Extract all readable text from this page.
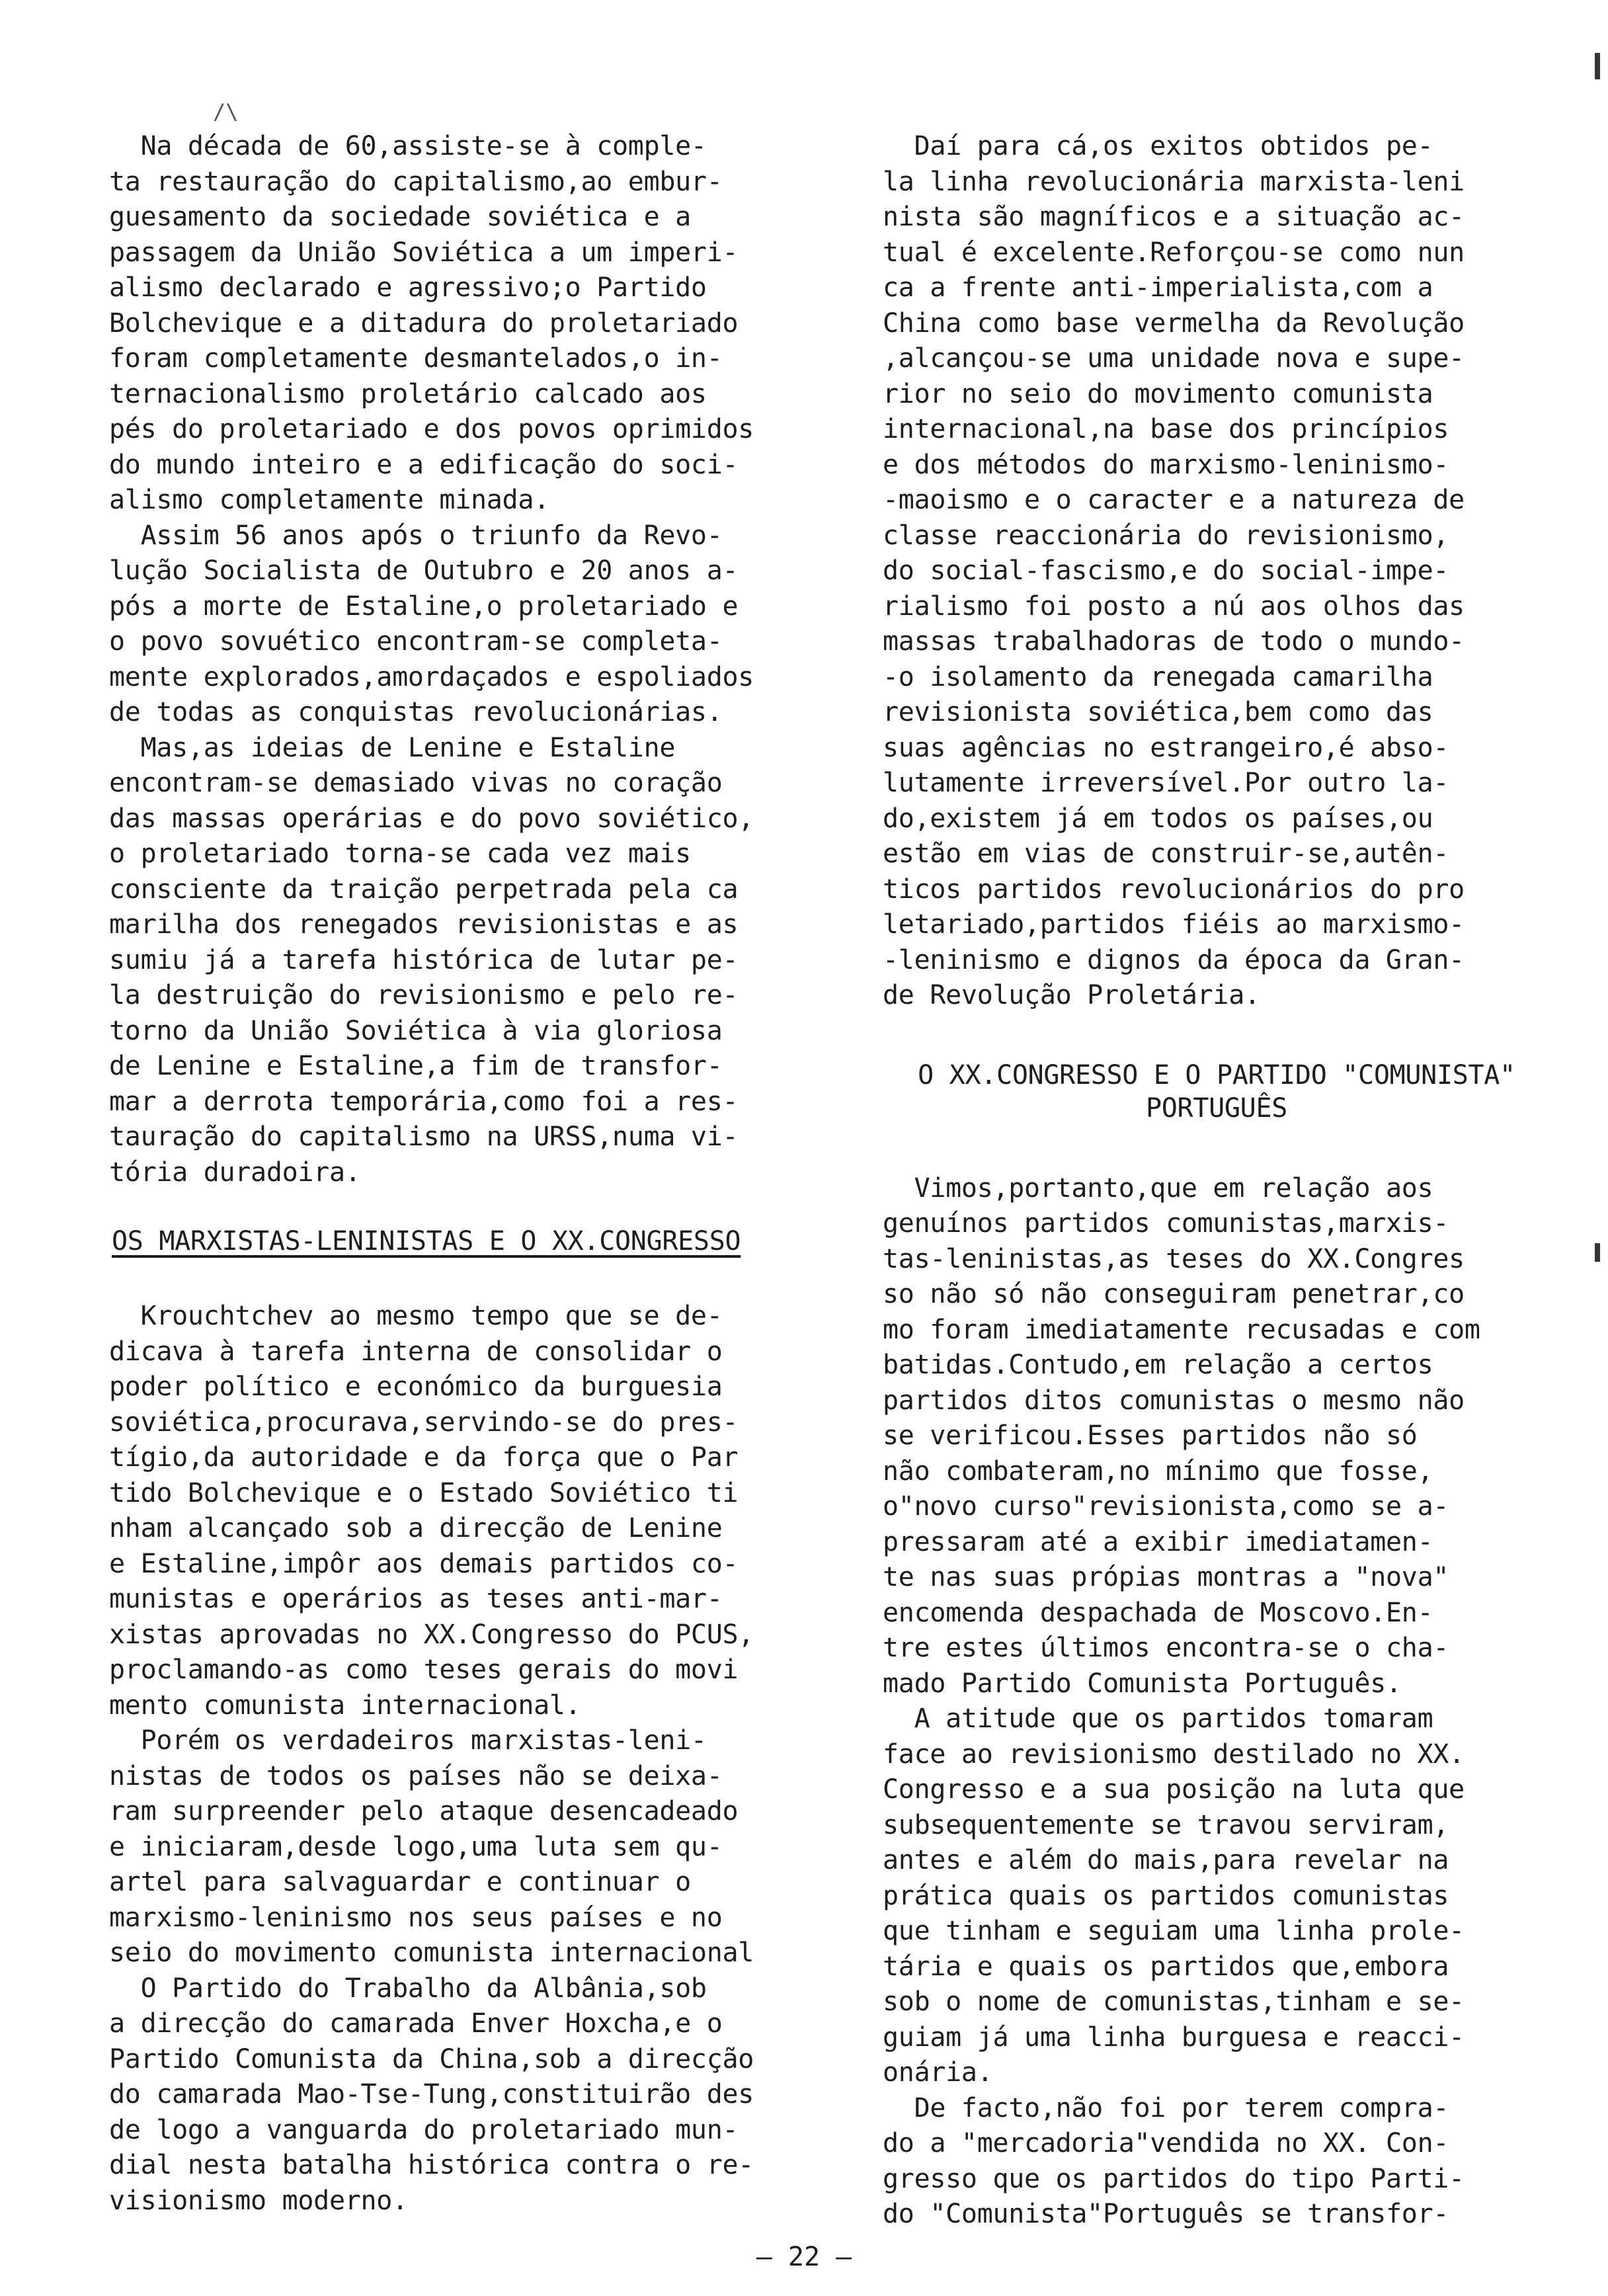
Na década de 60,assiste-se à comple-
ta restauração do capitalismo,ao embur-
guesamento da sociedade soviética e a
passagem da União Soviética a um imperi-
alismo declarado e agressivo;o Partido
Bolchevique e a ditadura do proletariado
foram completamente desmantelados,o in-
ternacionalismo proletário calcado aos
pés do proletariado e dos povos oprimidos
do mundo inteiro e a edificação do soci-
alismo completamente minada.
Assim 56 anos após o triunfo da Revo-
lução Socialista de Outubro e 20 anos a-
pós a morte de Estaline,o proletariado e
o povo sovuético encontram-se completa-
mente explorados,amordaçados e espoliados
de todas as conquistas revolucionárias.
Mas,as ideias de Lenine e Estaline
encontram-se demasiado vivas no coração
das massas operárias e do povo soviético,
o proletariado torna-se cada vez mais
consciente da traição perpetrada pela ca
marilha dos renegados revisionistas e as
sumiu já a tarefa histórica de lutar pe-
la destruição do revisionismo e pelo re-
torno da União Soviética à via gloriosa
de Lenine e Estaline,a fim de transfor-
mar a derrota temporária,como foi a res-
tauração do capitalismo na URSS,numa vi-
tória duradoira.
OS MARXISTAS-LENINISTAS E O XX.CONGRESSO
Krouchtchev ao mesmo tempo que se de-
dicava à tarefa interna de consolidar o
poder político e económico da burguesia
soviética,procurava,servindo-se do pres-
tígio,da autoridade e da força que o Par
tido Bolchevique e o Estado Soviético ti
nham alcançado sob a direcção de Lenine
e Estaline,impôr aos demais partidos co-
munistas e operários as teses anti-mar-
xistas aprovadas no XX.Congresso do PCUS,
proclamando-as como teses gerais do movi
mento comunista internacional.
Porém os verdadeiros marxistas-leni-
nistas de todos os países não se deixa-
ram surpreender pelo ataque desencadeado
e iniciaram,desde logo,uma luta sem qu-
artel para salvaguardar e continuar o
marxismo-leninismo nos seus países e no
seio do movimento comunista internacional
O Partido do Trabalho da Albânia,sob
a direcção do camarada Enver Hoxcha,e o
Partido Comunista da China,sob a direcção
do camarada Mao-Tse-Tung,constituirão des
de logo a vanguarda do proletariado mun-
dial nesta batalha histórica contra o re-
visionismo moderno.
Daí para cá,os exitos obtidos pe-
la linha revolucionária marxista-leni
nista são magníficos e a situação ac-
tual é excelente.Reforçou-se como nun
ca a frente anti-imperialista,com a
China como base vermelha da Revolução
,alcançou-se uma unidade nova e supe-
rior no seio do movimento comunista
internacional,na base dos princípios
e dos métodos do marxismo-leninismo-
-maoismo e o caracter e a natureza de
classe reaccionária do revisionismo,
do social-fascismo,e do social-impe-
rialismo foi posto a nú aos olhos das
massas trabalhadoras de todo o mundo-
-o isolamento da renegada camarilha
revisionista soviética,bem como das
suas agências no estrangeiro,é abso-
lutamente irreversível.Por outro la-
do,existem já em todos os países,ou
estão em vias de construir-se,autên-
ticos partidos revolucionários do pro
letariado,partidos fiéis ao marxismo-
-leninismo e dignos da época da Gran-
de Revolução Proletária.
O XX.CONGRESSO E O PARTIDO "COMUNISTA"
PORTUGUÊS
Vimos,portanto,que em relação aos
genuínos partidos comunistas,marxis-
tas-leninistas,as teses do XX.Congres
so não só não conseguiram penetrar,co
mo foram imediatamente recusadas e com
batidas.Contudo,em relação a certos
partidos ditos comunistas o mesmo não
se verificou.Esses partidos não só
não combateram,no mínimo que fosse,
o"novo curso"revisionista,como se a-
pressaram até a exibir imediatamen-
te nas suas própias montras a "nova"
encomenda despachada de Moscovo.En-
tre estes últimos encontra-se o cha-
mado Partido Comunista Português.
A atitude que os partidos tomaram
face ao revisionismo destilado no XX.
Congresso e a sua posição na luta que
subsequentemente se travou serviram,
antes e além do mais,para revelar na
prática quais os partidos comunistas
que tinham e seguiam uma linha prole-
tária e quais os partidos que,embora
sob o nome de comunistas,tinham e se-
guiam já uma linha burguesa e reacci-
onária.
De facto,não foi por terem compra-
do a "mercadoria"vendida no XX. Con-
gresso que os partidos do tipo Parti-
do "Comunista"Português se transfor-
— 22 —
/\
